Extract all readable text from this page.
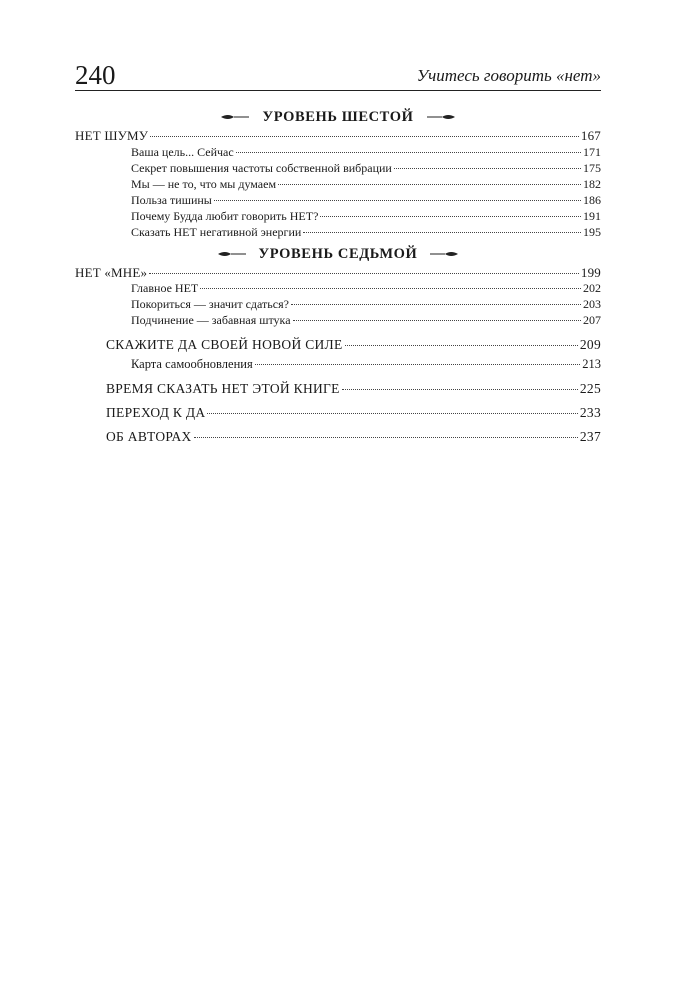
240	Учитесь говорить «нет»
УРОВЕНЬ ШЕСТОЙ
НЕТ ШУМУ	167
Ваша цель... Сейчас	171
Секрет повышения частоты собственной вибрации	175
Мы — не то, что мы думаем	182
Польза тишины	186
Почему Будда любит говорить НЕТ?	191
Сказать НЕТ негативной энергии	195
УРОВЕНЬ СЕДЬМОЙ
НЕТ «МНЕ»	199
Главное НЕТ	202
Покориться — значит сдаться?	203
Подчинение — забавная штука	207
СКАЖИТЕ ДА СВОЕЙ НОВОЙ СИЛЕ	209
Карта самообновления	213
ВРЕМЯ СКАЗАТЬ НЕТ ЭТОЙ КНИГЕ	225
ПЕРЕХОД К ДА	233
ОБ АВТОРАХ	237
